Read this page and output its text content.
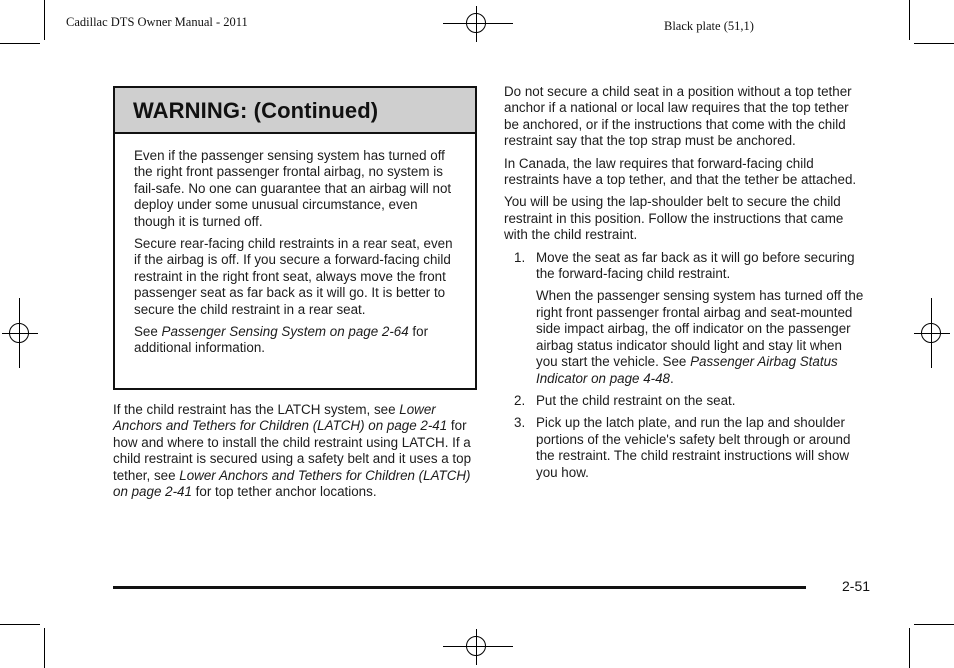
Cadillac DTS Owner Manual - 2011	Black plate (51,1)
WARNING: (Continued)

Even if the passenger sensing system has turned off the right front passenger frontal airbag, no system is fail-safe. No one can guarantee that an airbag will not deploy under some unusual circumstance, even though it is turned off.

Secure rear-facing child restraints in a rear seat, even if the airbag is off. If you secure a forward-facing child restraint in the right front seat, always move the front passenger seat as far back as it will go. It is better to secure the child restraint in a rear seat.

See Passenger Sensing System on page 2-64 for additional information.

If the child restraint has the LATCH system, see Lower Anchors and Tethers for Children (LATCH) on page 2-41 for how and where to install the child restraint using LATCH. If a child restraint is secured using a safety belt and it uses a top tether, see Lower Anchors and Tethers for Children (LATCH) on page 2-41 for top tether anchor locations.

Do not secure a child seat in a position without a top tether anchor if a national or local law requires that the top tether be anchored, or if the instructions that come with the child restraint say that the top strap must be anchored.

In Canada, the law requires that forward-facing child restraints have a top tether, and that the tether be attached.

You will be using the lap-shoulder belt to secure the child restraint in this position. Follow the instructions that came with the child restraint.

1. Move the seat as far back as it will go before securing the forward-facing child restraint.

When the passenger sensing system has turned off the right front passenger frontal airbag and seat-mounted side impact airbag, the off indicator on the passenger airbag status indicator should light and stay lit when you start the vehicle. See Passenger Airbag Status Indicator on page 4-48.

2. Put the child restraint on the seat.

3. Pick up the latch plate, and run the lap and shoulder portions of the vehicle's safety belt through or around the restraint. The child restraint instructions will show you how.

2-51
